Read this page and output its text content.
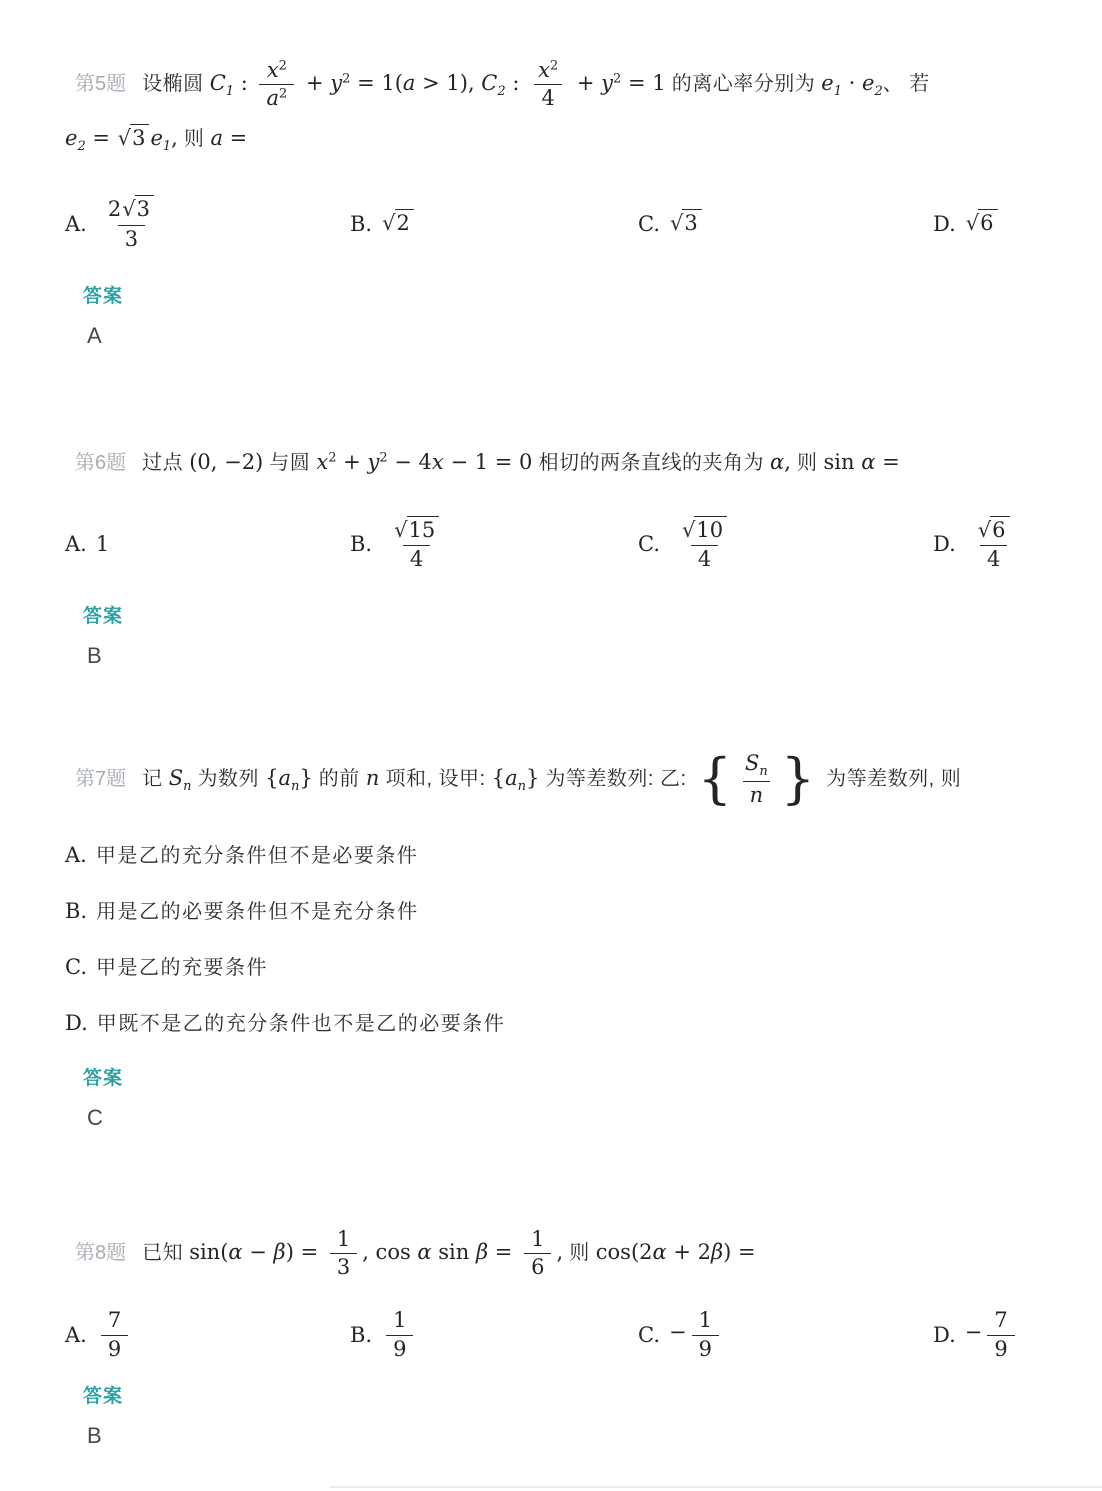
第5题 设椭圆 $C_1$ : $\frac{x^2}{a^2} + y^2 = 1(a > 1)$, $C_2$ : $\frac{x^2}{4} + y^2 = 1$ 的离心率分别为 $e_1 \cdot e_2$、 若
$e_2$ = √ 3 $e_1$, 则 a =
A. $\frac{2 √ 3}{3}$	B. √ 2	C. √ 3	D. √ 6
答案
A
第6题 过点 (0, −2) 与圆 $x^2 + y^2 - 4x - 1 = 0$ 相切的两条直线的夹角为 α, 则 sin α =
A. 1	B. $\frac{√ 15}{4}$	C. $\frac{√ 10}{4}$	D. $\frac{√ 6}{4}$
答案
B
第7题 记 $S_n$ 为数列 $\{a_n\}$ 的前 n 项和, 设甲: $\{a_n\}$ 为等差数列: 乙: { $\frac{S_n}{n}$ } 为等差数列, 则
A. 甲是乙的充分条件但不是必要条件
B. 用是乙的必要条件但不是充分条件
C. 甲是乙的充要条件
D. 甲既不是乙的充分条件也不是乙的必要条件
答案
C
第8题 已知 $\sin(\alpha - \beta) = \frac{1}{3}$ , cos α $\sin \beta = \frac{1}{6}$ , 则 cos(2α + 2β) =
A. $\frac{7}{9}$	B. $\frac{1}{9}$	C. − $\frac{1}{9}$	D. − $\frac{7}{9}$
答案
B
